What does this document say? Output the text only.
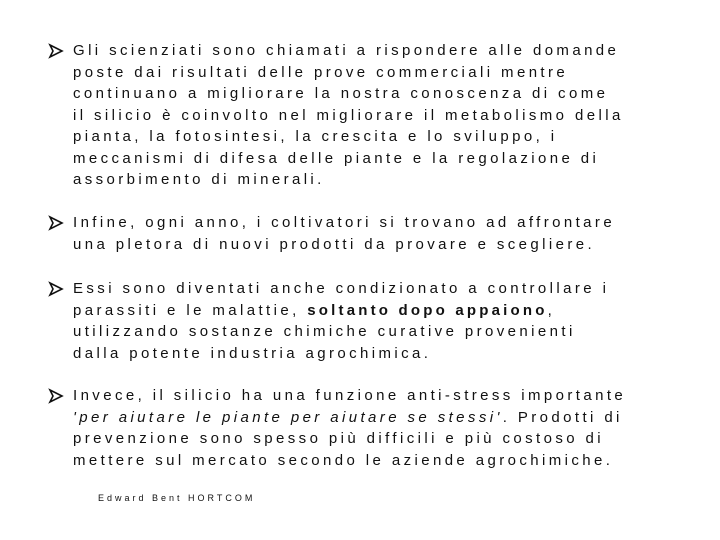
Gli scienziati sono chiamati a rispondere alle domande
poste dai risultati delle prove commerciali mentre
continuano a migliorare la nostra conoscenza di come
il silicio è coinvolto nel migliorare il metabolismo della
pianta, la fotosintesi, la crescita e lo sviluppo, i
meccanismi di difesa delle piante e la regolazione di
assorbimento di minerali.
Infine, ogni anno, i coltivatori si trovano ad affrontare
una pletora di nuovi prodotti da provare e scegliere.
Essi sono diventati anche condizionato a controllare i
parassiti e le malattie, soltanto dopo appaiono,
utilizzando sostanze chimiche curative provenienti
dalla potente industria agrochimica.
Invece, il silicio ha una funzione anti-stress importante
'per aiutare le piante per aiutare se stessi'. Prodotti di
prevenzione sono spesso più difficili e più costoso di
mettere sul mercato secondo le aziende agrochimiche.
Edward Bent HORTCOM
